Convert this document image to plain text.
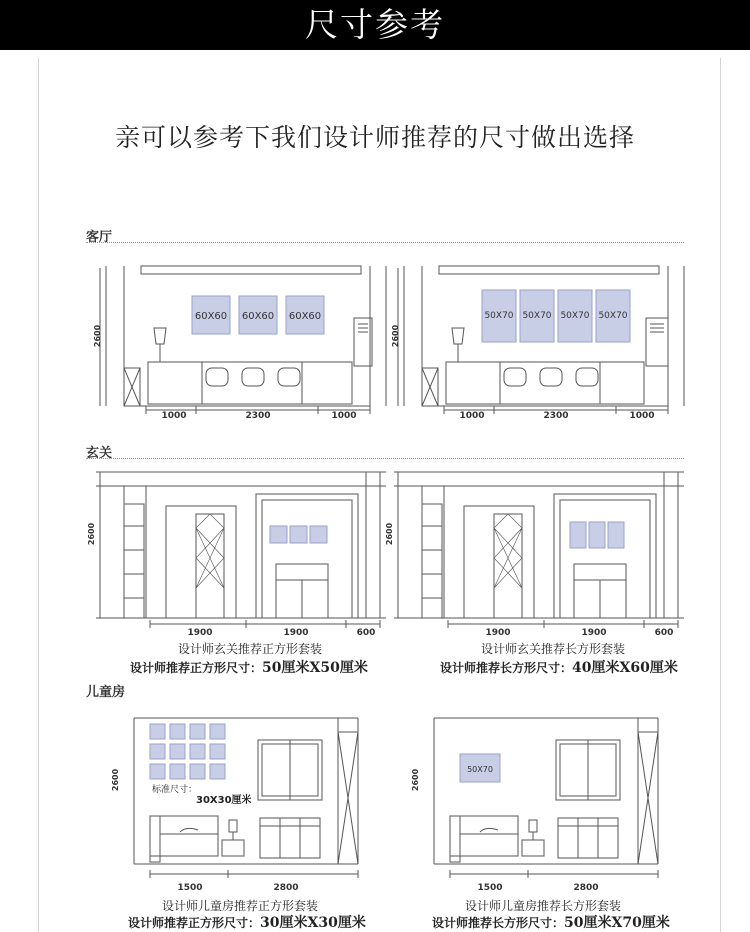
尺寸参考
亲可以参考下我们设计师推荐的尺寸做出选择
客厅
2600
60X60 60X60 60X60
1000	2300	1000
2600
50X70 50X70 50X70 50X70
1000	2300	1000
玄关
2600
1900	1900	600
设计师玄关推荐正方形套装
设计师推荐正方形尺寸：50厘米X50厘米
2600
1900	1900	600
设计师玄关推荐长方形套装
设计师推荐长方形尺寸：40厘米X60厘米
儿童房
2600	标准尺寸：
30X30厘米
1500	2800
设计师儿童房推荐正方形套装
设计师推荐正方形尺寸：30厘米X30厘米
2600	50X70
1500	2800
设计师儿童房推荐长方形套装
设计师推荐长方形尺寸：50厘米X70厘米
